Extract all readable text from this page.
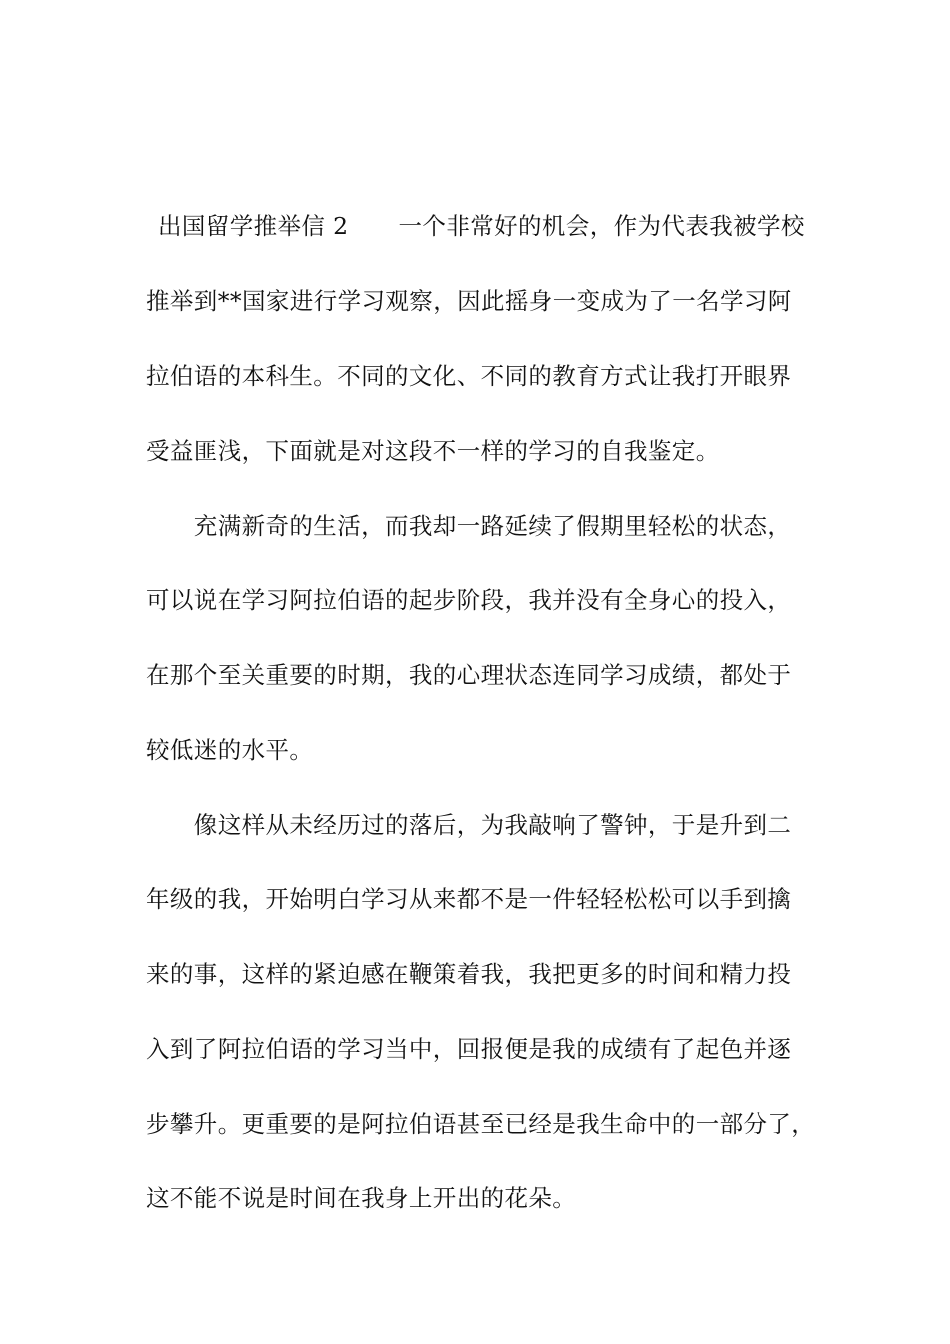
出国留学推举信 2 一个非常好的机会，作为代表我被学校
推举到**国家进行学习观察，因此摇身一变成为了一名学习阿
拉伯语的本科生。不同的文化、不同的教育方式让我打开眼界
受益匪浅，下面就是对这段不一样的学习的自我鉴定。
　　充满新奇的生活，而我却一路延续了假期里轻松的状态，
可以说在学习阿拉伯语的起步阶段，我并没有全身心的投入，
在那个至关重要的时期，我的心理状态连同学习成绩，都处于
较低迷的水平。
　　像这样从未经历过的落后，为我敲响了警钟，于是升到二
年级的我，开始明白学习从来都不是一件轻轻松松可以手到擒
来的事，这样的紧迫感在鞭策着我，我把更多的时间和精力投
入到了阿拉伯语的学习当中，回报便是我的成绩有了起色并逐
步攀升。更重要的是阿拉伯语甚至已经是我生命中的一部分了，
这不能不说是时间在我身上开出的花朵。
